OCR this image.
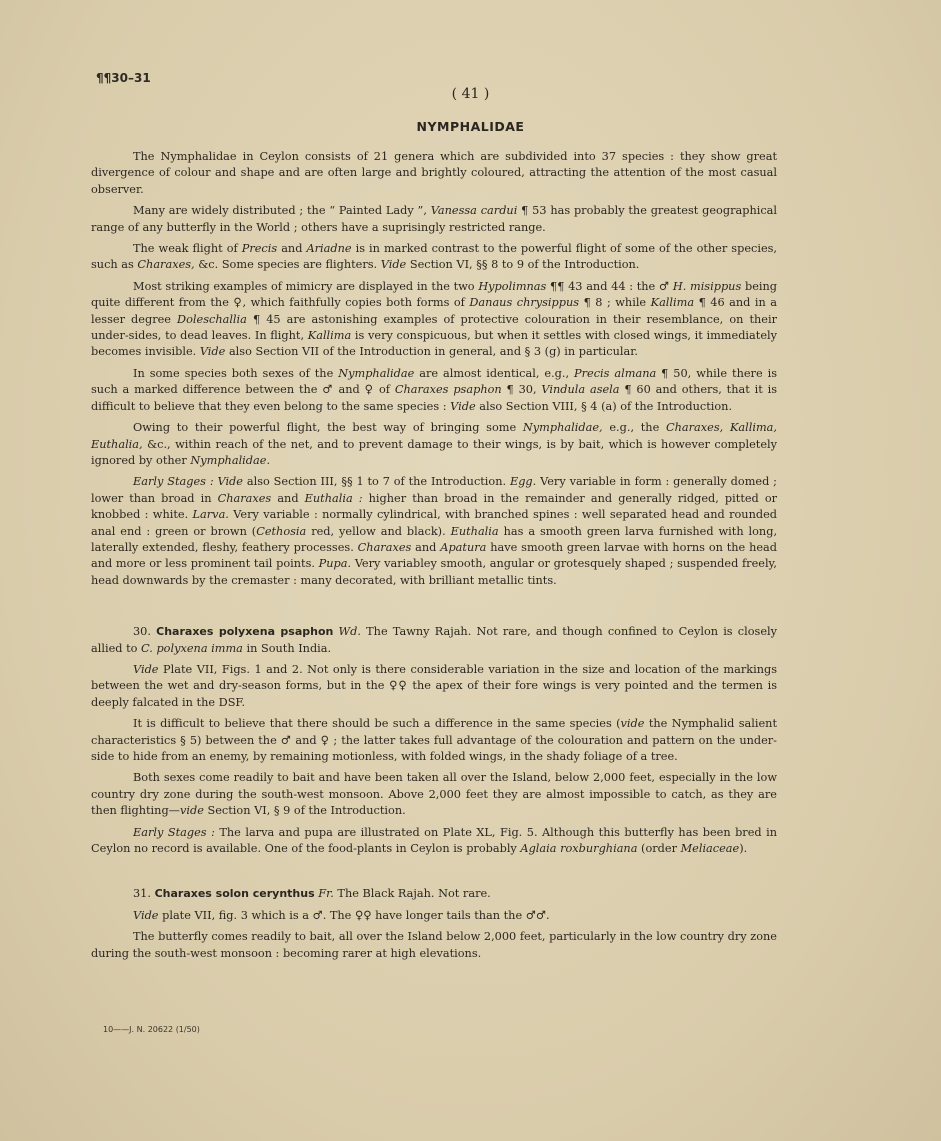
¶¶30–31
( 41 )
NYMPHALIDAE

The Nymphalidae in Ceylon consists of 21 genera which are subdivided into 37 species : they show great divergence of colour and shape and are often large and brightly coloured, attracting the attention of the most casual observer.

Many are widely distributed ; the “ Painted Lady ”, Vanessa cardui ¶ 53 has probably the greatest geographical range of any butterfly in the World ; others have a suprisingly restricted range.

The weak flight of Precis and Ariadne is in marked contrast to the powerful flight of some of the other species, such as Charaxes, &c. Some species are flighters. Vide Section VI, §§ 8 to 9 of the Introduction.

Most striking examples of mimicry are displayed in the two Hypolimnas ¶¶ 43 and 44 : the ♂ H. misippus being quite different from the ♀, which faithfully copies both forms of Danaus chrysippus ¶ 8 ; while Kallima ¶ 46 and in a lesser degree Doleschallia ¶ 45 are astonishing examples of protective colouration in their resemblance, on their under-sides, to dead leaves. In flight, Kallima is very conspicuous, but when it settles with closed wings, it immediately becomes invisible. Vide also Section VII of the Introduction in general, and § 3 (g) in particular.

In some species both sexes of the Nymphalidae are almost identical, e.g., Precis almana ¶ 50, while there is such a marked difference between the ♂ and ♀ of Charaxes psaphon ¶ 30, Vindula asela ¶ 60 and others, that it is difficult to believe that they even belong to the same species : Vide also Section VIII, § 4 (a) of the Introduction.

Owing to their powerful flight, the best way of bringing some Nymphalidae, e.g., the Charaxes, Kallima, Euthalia, &c., within reach of the net, and to prevent damage to their wings, is by bait, which is however completely ignored by other Nymphalidae.

Early Stages : Vide also Section III, §§ 1 to 7 of the Introduction. Egg. Very variable in form : generally domed ; lower than broad in Charaxes and Euthalia : higher than broad in the remainder and generally ridged, pitted or knobbed : white. Larva. Very variable : normally cylindrical, with branched spines : well separated head and rounded anal end : green or brown (Cethosia red, yellow and black). Euthalia has a smooth green larva furnished with long, laterally extended, fleshy, feathery processes. Charaxes and Apatura have smooth green larvae with horns on the head and more or less prominent tail points. Pupa. Very variabley smooth, angular or grotesquely shaped ; suspended freely, head downwards by the cremaster : many decorated, with brilliant metallic tints.

30. Charaxes polyxena psaphon Wd. The Tawny Rajah. Not rare, and though confined to Ceylon is closely allied to C. polyxena imma in South India.

Vide Plate VII, Figs. 1 and 2. Not only is there considerable variation in the size and location of the markings between the wet and dry-season forms, but in the ♀♀ the apex of their fore wings is very pointed and the termen is deeply falcated in the DSF.

It is difficult to believe that there should be such a difference in the same species (vide the Nymphalid salient characteristics § 5) between the ♂ and ♀ ; the latter takes full advantage of the colouration and pattern on the under-side to hide from an enemy, by remaining motionless, with folded wings, in the shady foliage of a tree.

Both sexes come readily to bait and have been taken all over the Island, below 2,000 feet, especially in the low country dry zone during the south-west monsoon. Above 2,000 feet they are almost impossible to catch, as they are then flighting—vide Section VI, § 9 of the Introduction.

Early Stages : The larva and pupa are illustrated on Plate XL, Fig. 5. Although this butterfly has been bred in Ceylon no record is available. One of the food-plants in Ceylon is probably Aglaia roxburghiana (order Meliaceae).

31. Charaxes solon cerynthus Fr. The Black Rajah. Not rare.

Vide plate VII, fig. 3 which is a ♂. The ♀♀ have longer tails than the ♂♂.

The butterfly comes readily to bait, all over the Island below 2,000 feet, particularly in the low country dry zone during the south-west monsoon : becoming rarer at high elevations.

10——J. N. 20622 (1/50)
